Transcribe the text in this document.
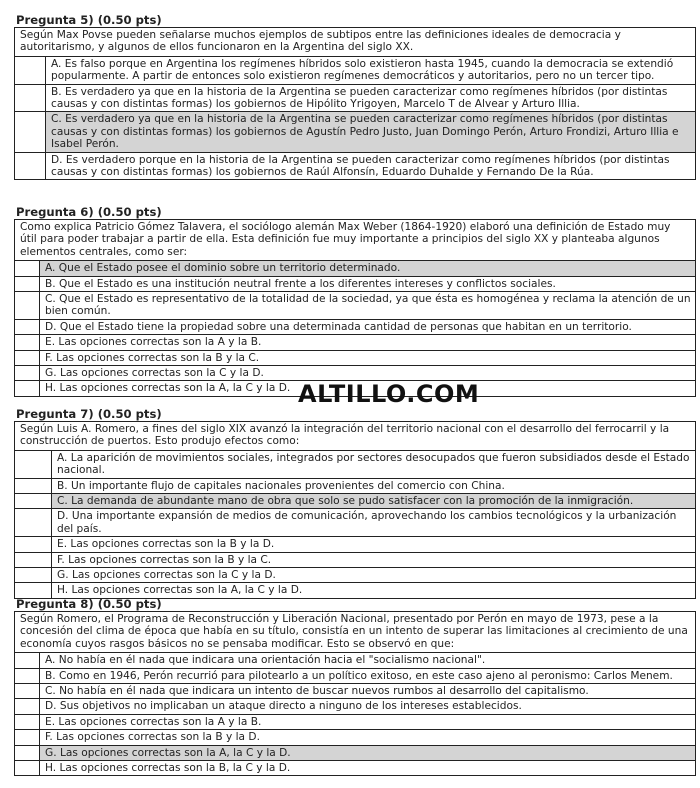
Pregunta 5) (0.50 pts)
Según Max Povse pueden señalarse muchos ejemplos de subtipos entre las definiciones ideales de democracia y autoritarismo, y algunos de ellos funcionaron en la Argentina del siglo XX.
A. Es falso porque en Argentina los regímenes híbridos solo existieron hasta 1945, cuando la democracia se extendió popularmente. A partir de entonces solo existieron regímenes democráticos y autoritarios, pero no un tercer tipo.
B. Es verdadero ya que en la historia de la Argentina se pueden caracterizar como regímenes híbridos (por distintas causas y con distintas formas) los gobiernos de Hipólito Yrigoyen, Marcelo T de Alvear y Arturo Illia.
C. Es verdadero ya que en la historia de la Argentina se pueden caracterizar como regímenes híbridos (por distintas causas y con distintas formas) los gobiernos de Agustín Pedro Justo, Juan Domingo Perón, Arturo Frondizi, Arturo Illia e Isabel Perón.
D. Es verdadero porque en la historia de la Argentina se pueden caracterizar como regímenes híbridos (por distintas causas y con distintas formas) los gobiernos de Raúl Alfonsín, Eduardo Duhalde y Fernando De la Rúa.
Pregunta 6) (0.50 pts)
Como explica Patricio Gómez Talavera, el sociólogo alemán Max Weber (1864-1920) elaboró una definición de Estado muy útil para poder trabajar a partir de ella. Esta definición fue muy importante a principios del siglo XX y planteaba algunos elementos centrales, como ser:
A. Que el Estado posee el dominio sobre un territorio determinado.
B. Que el Estado es una institución neutral frente a los diferentes intereses y conflictos sociales.
C. Que el Estado es representativo de la totalidad de la sociedad, ya que ésta es homogénea y reclama la atención de un bien común.
D. Que el Estado tiene la propiedad sobre una determinada cantidad de personas que habitan en un territorio.
E. Las opciones correctas son la A y la B.
F. Las opciones correctas son la B y la C.
G. Las opciones correctas son la C y la D.
H. Las opciones correctas son la A, la C y la D.
Pregunta 7) (0.50 pts)
Según Luis A. Romero, a fines del siglo XIX avanzó la integración del territorio nacional con el desarrollo del ferrocarril y la construcción de puertos. Esto produjo efectos como:
A. La aparición de movimientos sociales, integrados por sectores desocupados que fueron subsidiados desde el Estado nacional.
B. Un importante flujo de capitales nacionales provenientes del comercio con China.
C. La demanda de abundante mano de obra que solo se pudo satisfacer con la promoción de la inmigración.
D. Una importante expansión de medios de comunicación, aprovechando los cambios tecnológicos y la urbanización del país.
E. Las opciones correctas son la B y la D.
F. Las opciones correctas son la B y la C.
G. Las opciones correctas son la C y la D.
H. Las opciones correctas son la A, la C y la D.
Pregunta 8) (0.50 pts)
Según Romero, el Programa de Reconstrucción y Liberación Nacional, presentado por Perón en mayo de 1973, pese a la concesión del clima de época que había en su título, consistía en un intento de superar las limitaciones al crecimiento de una economía cuyos rasgos básicos no se pensaba modificar. Esto se observó en que:
A. No había en él nada que indicara una orientación hacia el "socialismo nacional".
B. Como en 1946, Perón recurrió para pilotearlo a un político exitoso, en este caso ajeno al peronismo: Carlos Menem.
C. No había en él nada que indicara un intento de buscar nuevos rumbos al desarrollo del capitalismo.
D. Sus objetivos no implicaban un ataque directo a ninguno de los intereses establecidos.
E. Las opciones correctas son la A y la B.
F. Las opciones correctas son la B y la D.
G. Las opciones correctas son la A, la C y la D.
H. Las opciones correctas son la B, la C y la D.
ALTILLO.COM
